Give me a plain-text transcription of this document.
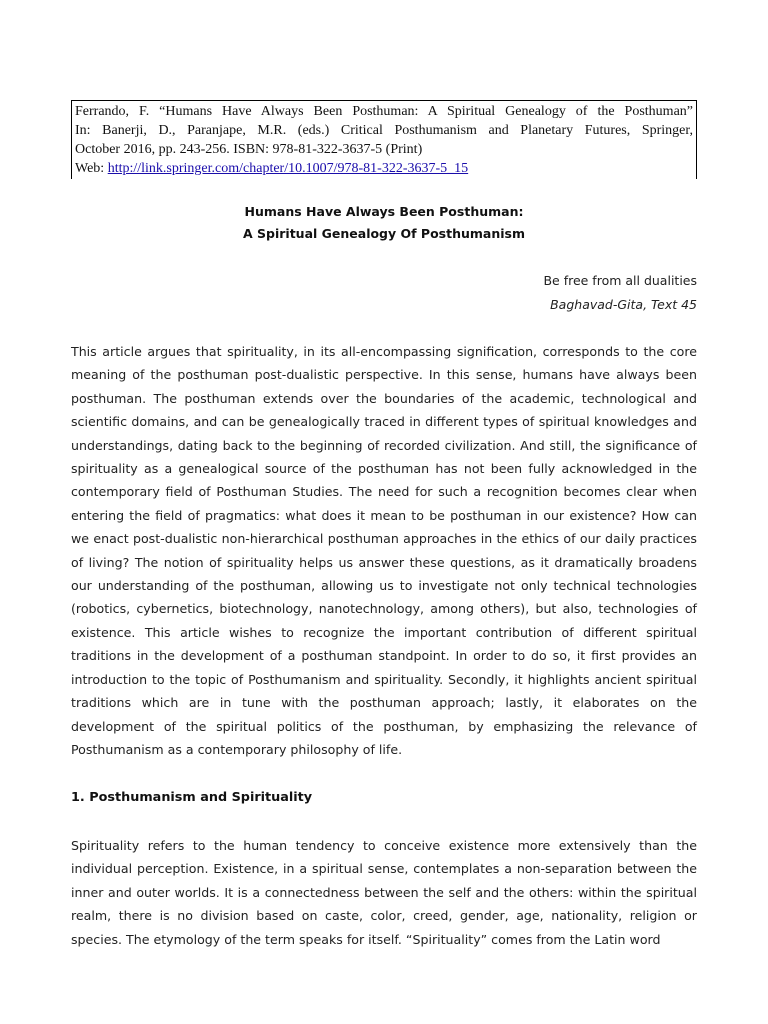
Ferrando, F. “Humans Have Always Been Posthuman: A Spiritual Genealogy of the Posthuman”
In: Banerji, D., Paranjape, M.R. (eds.) Critical Posthumanism and Planetary Futures, Springer,
October 2016, pp. 243-256. ISBN: 978-81-322-3637-5 (Print)
Web: http://link.springer.com/chapter/10.1007/978-81-322-3637-5_15
Humans Have Always Been Posthuman:
A Spiritual Genealogy Of Posthumanism
Be free from all dualities
Baghavad-Gita, Text 45

This article argues that spirituality, in its all-encompassing signification, corresponds to the core meaning of the posthuman post-dualistic perspective. In this sense, humans have always been posthuman. The posthuman extends over the boundaries of the academic, technological and scientific domains, and can be genealogically traced in different types of spiritual knowledges and understandings, dating back to the beginning of recorded civilization. And still, the significance of spirituality as a genealogical source of the posthuman has not been fully acknowledged in the contemporary field of Posthuman Studies. The need for such a recognition becomes clear when entering the field of pragmatics: what does it mean to be posthuman in our existence? How can we enact post-dualistic non-hierarchical posthuman approaches in the ethics of our daily practices of living? The notion of spirituality helps us answer these questions, as it dramatically broadens our understanding of the posthuman, allowing us to investigate not only technical technologies (robotics, cybernetics, biotechnology, nanotechnology, among others), but also, technologies of existence. This article wishes to recognize the important contribution of different spiritual traditions in the development of a posthuman standpoint. In order to do so, it first provides an introduction to the topic of Posthumanism and spirituality. Secondly, it highlights ancient spiritual traditions which are in tune with the posthuman approach; lastly, it elaborates on the development of the spiritual politics of the posthuman, by emphasizing the relevance of Posthumanism as a contemporary philosophy of life.

1. Posthumanism and Spirituality

Spirituality refers to the human tendency to conceive existence more extensively than the individual perception. Existence, in a spiritual sense, contemplates a non-separation between the inner and outer worlds. It is a connectedness between the self and the others: within the spiritual realm, there is no division based on caste, color, creed, gender, age, nationality, religion or species. The etymology of the term speaks for itself. “Spirituality” comes from the Latin word
